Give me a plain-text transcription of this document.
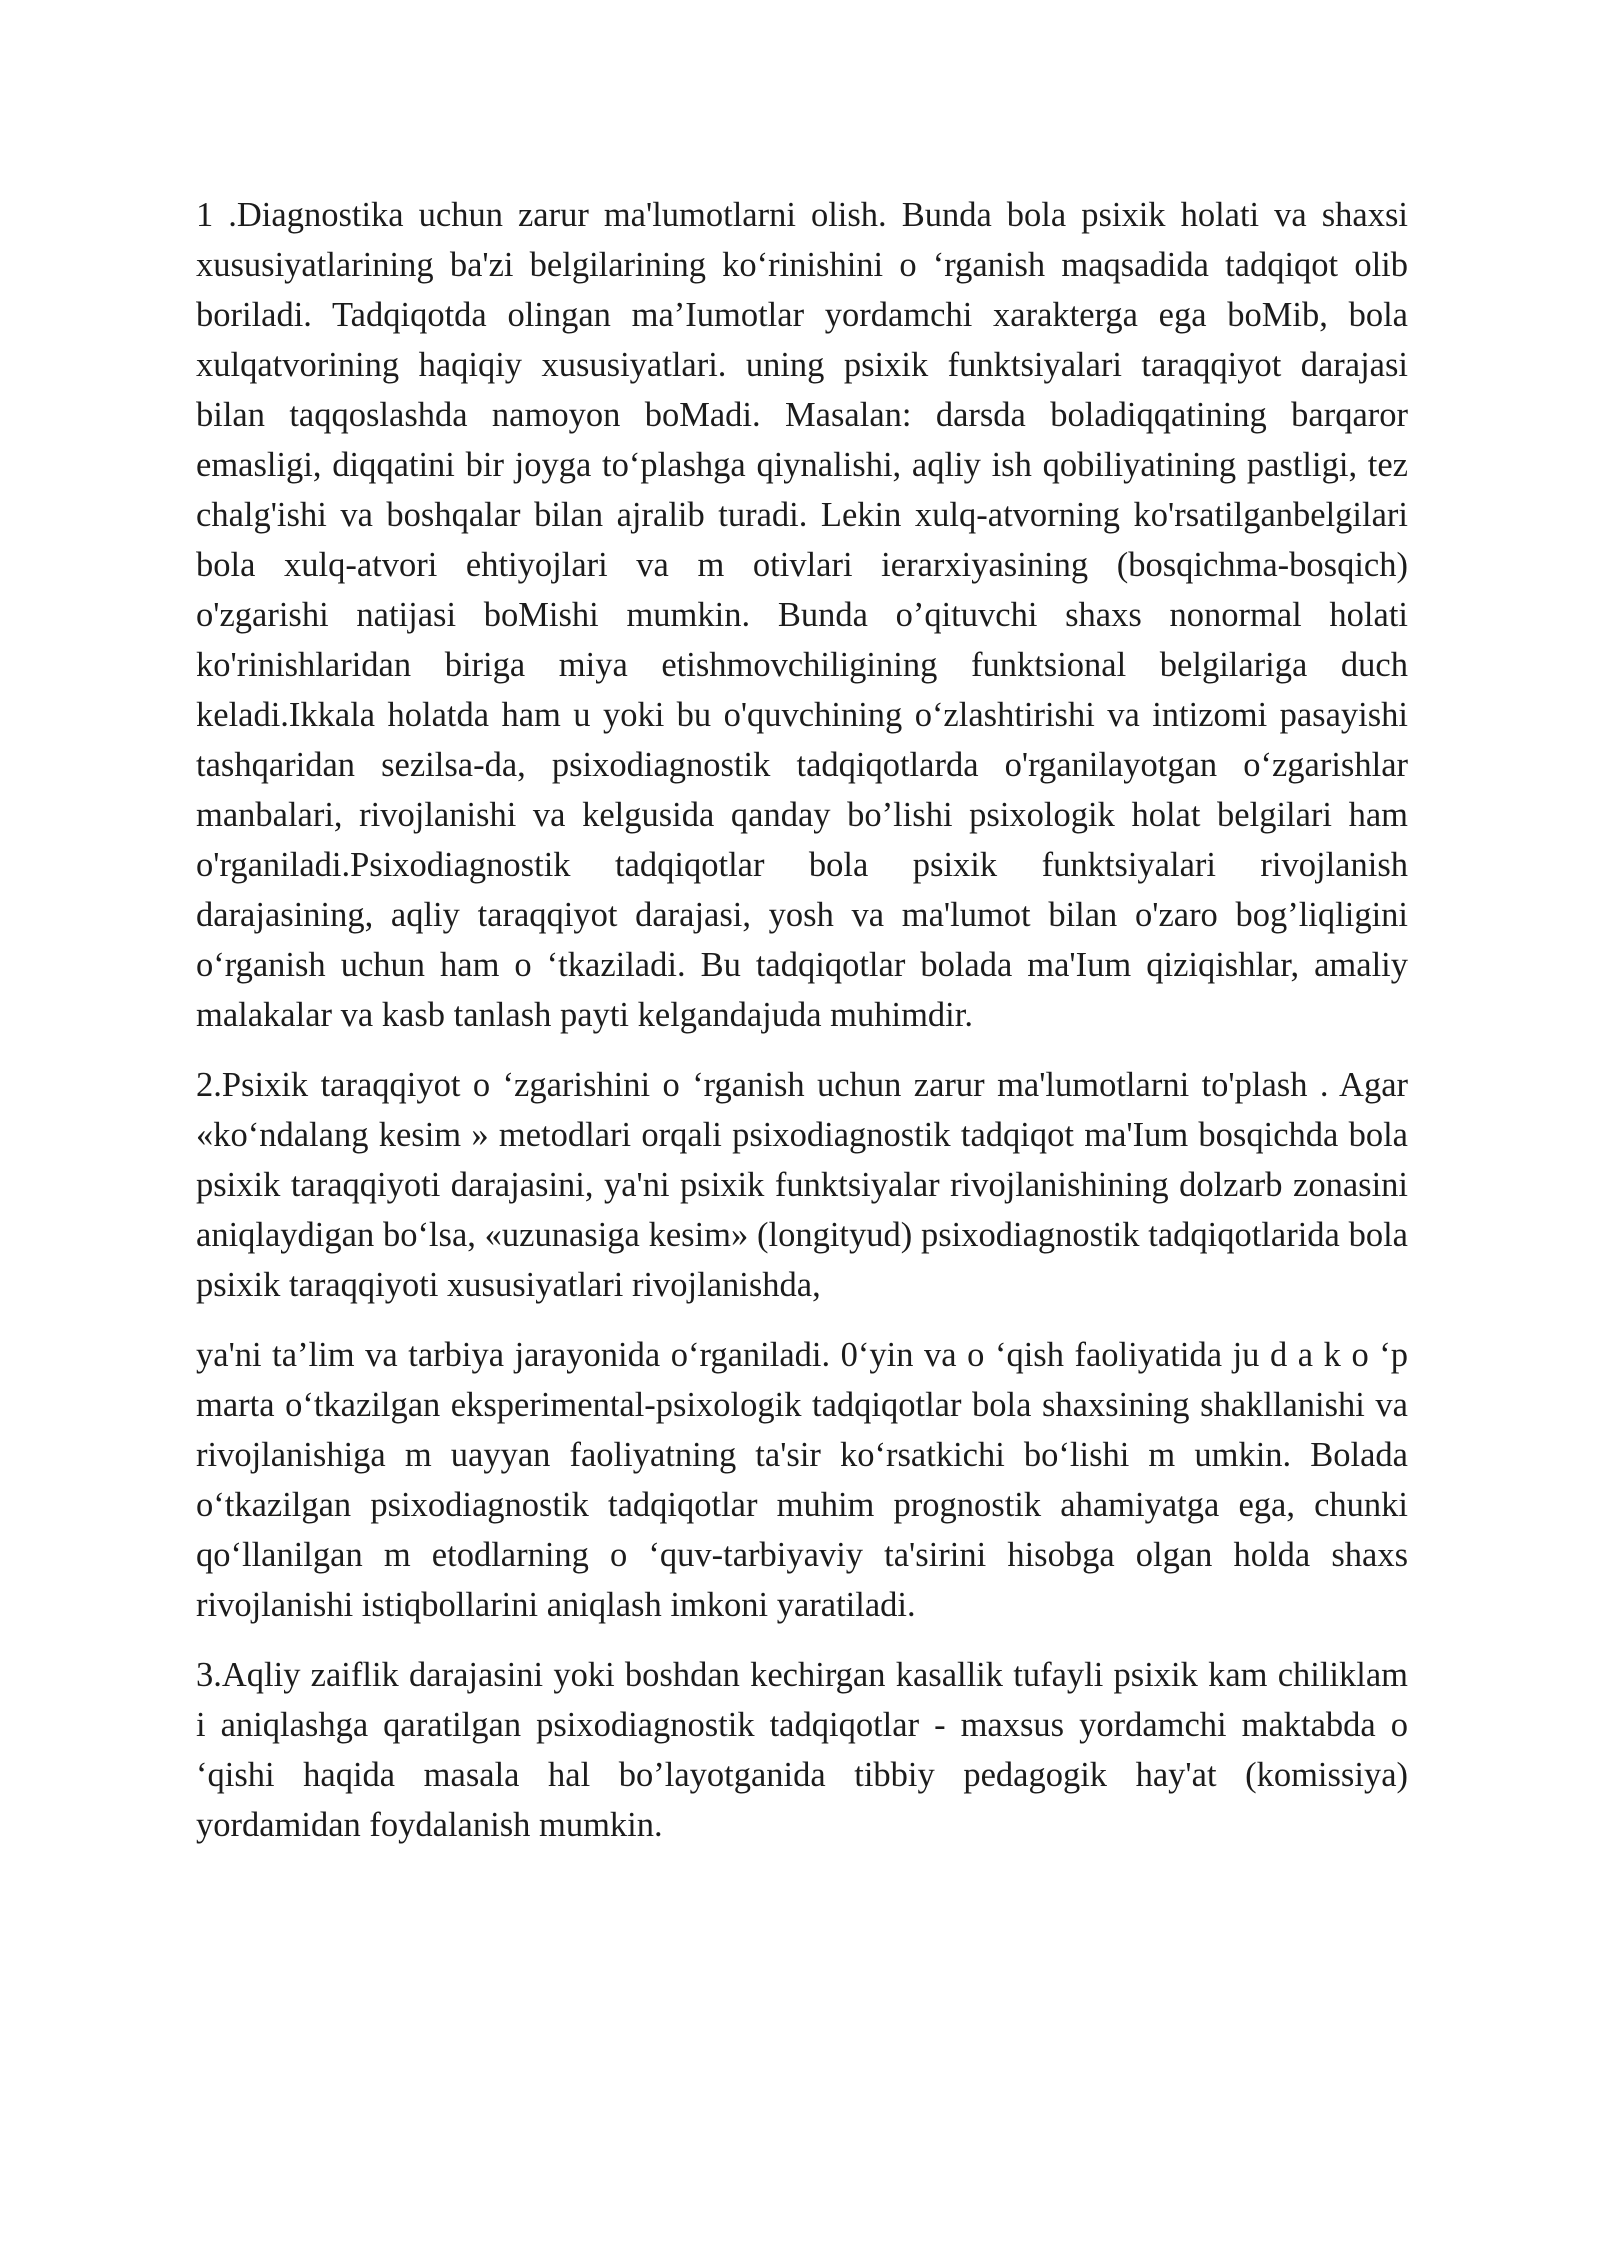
1 .Diagnostika uchun zarur ma'lumotlarni olish. Bunda bola psixik holati va shaxsi xususiyatlarining ba'zi belgilarining ko‘rinishini o ‘rganish maqsadida tadqiqot olib boriladi. Tadqiqotda olingan ma’Iumotlar yordamchi xarakterga ega boMib, bola xulqatvorining haqiqiy xususiyatlari. uning psixik funktsiyalari taraqqiyot darajasi bilan taqqoslashda namoyon boMadi. Masalan: darsda boladiqqatining barqaror emasligi, diqqatini bir joyga to‘plashga qiynalishi, aqliy ish qobiliyatining pastligi, tez chalg'ishi va boshqalar bilan ajralib turadi. Lekin xulq-atvorning ko'rsatilganbelgilari bola xulq-atvori ehtiyojlari va m otivlari ierarxiyasining (bosqichma-bosqich) o'zgarishi natijasi boMishi mumkin. Bunda o’qituvchi shaxs nonormal holati ko'rinishlaridan biriga miya etishmovchiligining funktsional belgilariga duch keladi.Ikkala holatda ham u yoki bu o'quvchining o‘zlashtirishi va intizomi pasayishi tashqaridan sezilsa-da, psixodiagnostik tadqiqotlarda o'rganilayotgan o‘zgarishlar manbalari, rivojlanishi va kelgusida qanday bo’lishi psixologik holat belgilari ham o'rganiladi.Psixodiagnostik tadqiqotlar bola psixik funktsiyalari rivojlanish darajasining, aqliy taraqqiyot darajasi, yosh va ma'lumot bilan o'zaro bog’liqligini o‘rganish uchun ham o ‘tkaziladi. Bu tadqiqotlar bolada ma'Ium qiziqishlar, amaliy malakalar va kasb tanlash payti kelgandajuda muhimdir.

2.Psixik taraqqiyot o ‘zgarishini o ‘rganish uchun zarur ma'lumotlarni to'plash . Agar «ko‘ndalang kesim » metodlari orqali psixodiagnostik tadqiqot ma'Ium bosqichda bola psixik taraqqiyoti darajasini, ya'ni psixik funktsiyalar rivojlanishining dolzarb zonasini aniqlaydigan bo‘lsa, «uzunasiga kesim» (longityud) psixodiagnostik tadqiqotlarida bola psixik taraqqiyoti xususiyatlari rivojlanishda,

ya'ni ta’lim va tarbiya jarayonida o‘rganiladi. 0‘yin va o ‘qish faoliyatida ju d a k o ‘p marta o‘tkazilgan eksperimental-psixologik tadqiqotlar bola shaxsining shakllanishi va rivojlanishiga m uayyan faoliyatning ta'sir ko‘rsatkichi bo‘lishi m umkin. Bolada o‘tkazilgan psixodiagnostik tadqiqotlar muhim prognostik ahamiyatga ega, chunki qo‘llanilgan m etodlarning o ‘quv-tarbiyaviy ta'sirini hisobga olgan holda shaxs rivojlanishi istiqbollarini aniqlash imkoni yaratiladi.

3.Aqliy zaiflik darajasini yoki boshdan kechirgan kasallik tufayli psixik kam chiliklam i aniqlashga qaratilgan psixodiagnostik tadqiqotlar - maxsus yordamchi maktabda o ‘qishi haqida masala hal bo’layotganida tibbiy pedagogik hay'at (komissiya) yordamidan foydalanish mumkin.
